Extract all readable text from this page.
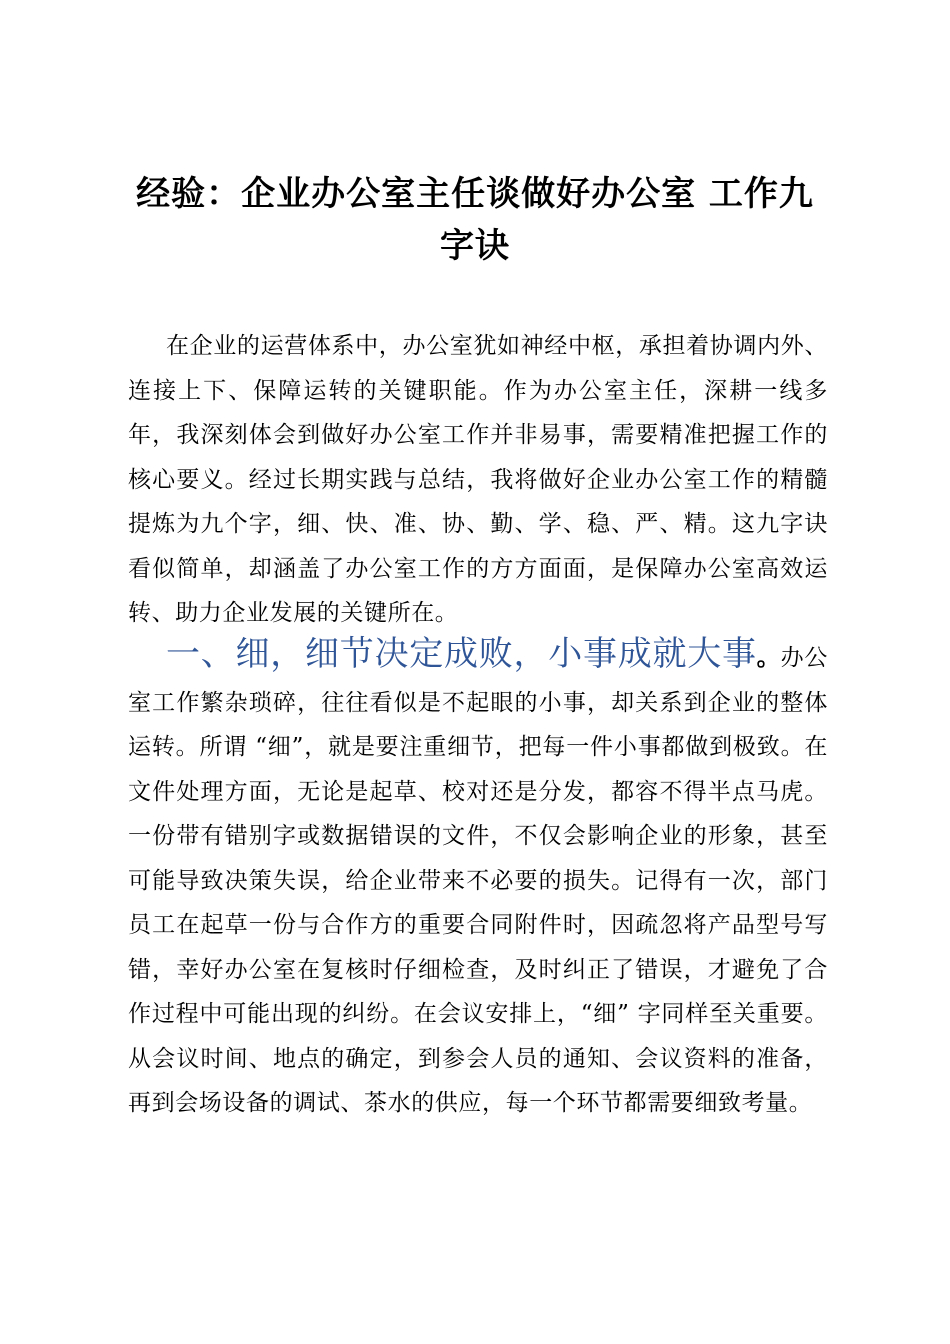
经验：企业办公室主任谈做好办公室 工作九字诀

在企业的运营体系中，办公室犹如神经中枢，承担着协调内外、连接上下、保障运转的关键职能。作为办公室主任，深耕一线多年，我深刻体会到做好办公室工作并非易事，需要精准把握工作的核心要义。经过长期实践与总结，我将做好企业办公室工作的精髓提炼为九个字，细、快、准、协、勤、学、稳、严、精。这九字诀看似简单，却涵盖了办公室工作的方方面面，是保障办公室高效运转、助力企业发展的关键所在。

一、细，细节决定成败，小事成就大事。办公室工作繁杂琐碎，往往看似是不起眼的小事，却关系到企业的整体运转。所谓 “细”，就是要注重细节，把每一件小事都做到极致。在文件处理方面，无论是起草、校对还是分发，都容不得半点马虎。一份带有错别字或数据错误的文件，不仅会影响企业的形象，甚至可能导致决策失误，给企业带来不必要的损失。记得有一次，部门员工在起草一份与合作方的重要合同附件时，因疏忽将产品型号写错，幸好办公室在复核时仔细检查，及时纠正了错误，才避免了合作过程中可能出现的纠纷。在会议安排上，“细” 字同样至关重要。从会议时间、地点的确定，到参会人员的通知、会议资料的准备，再到会场设备的调试、茶水的供应，每一个环节都需要细致考量。
